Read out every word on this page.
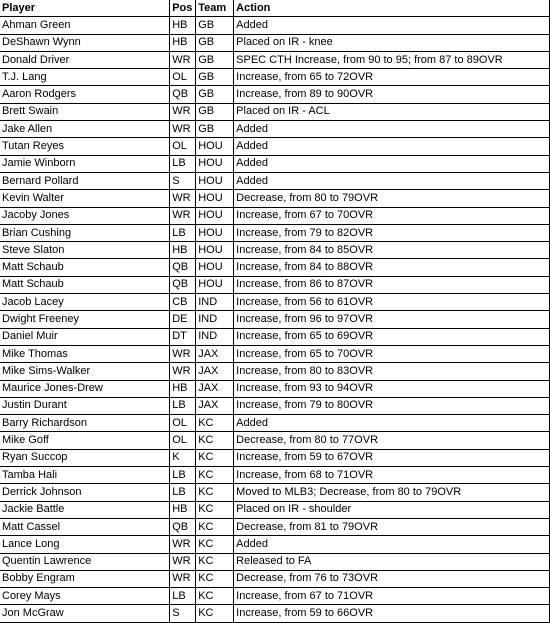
Player	Pos	Team	Action
Ahman Green	HB	GB	Added
DeShawn Wynn	HB	GB	Placed on IR - knee
Donald Driver	WR	GB	SPEC CTH Increase, from 90 to 95; from 87 to 89OVR
T.J. Lang	OL	GB	Increase, from 65 to 72OVR
Aaron Rodgers	QB	GB	Increase, from 89 to 90OVR
Brett Swain	WR	GB	Placed on IR - ACL
Jake Allen	WR	GB	Added
Tutan Reyes	OL	HOU	Added
Jamie Winborn	LB	HOU	Added
Bernard Pollard	S	HOU	Added
Kevin Walter	WR	HOU	Decrease, from 80 to 79OVR
Jacoby Jones	WR	HOU	Increase, from 67 to 70OVR
Brian Cushing	LB	HOU	Increase, from 79 to 82OVR
Steve Slaton	HB	HOU	Increase, from 84 to 85OVR
Matt Schaub	QB	HOU	Increase, from 84 to 88OVR
Matt Schaub	QB	HOU	Increase, from 86 to 87OVR
Jacob Lacey	CB	IND	Increase, from 56 to 61OVR
Dwight Freeney	DE	IND	Increase, from 96 to 97OVR
Daniel Muir	DT	IND	Increase, from 65 to 69OVR
Mike Thomas	WR	JAX	Increase, from 65 to 70OVR
Mike Sims-Walker	WR	JAX	Increase, from 80 to 83OVR
Maurice Jones-Drew	HB	JAX	Increase, from 93 to 94OVR
Justin Durant	LB	JAX	Increase, from 79 to 80OVR
Barry Richardson	OL	KC	Added
Mike Goff	OL	KC	Decrease, from 80 to 77OVR
Ryan Succop	K	KC	Increase, from 59 to 67OVR
Tamba Hali	LB	KC	Increase, from 68 to 71OVR
Derrick Johnson	LB	KC	Moved to MLB3; Decrease, from 80 to 79OVR
Jackie Battle	HB	KC	Placed on IR - shoulder
Matt Cassel	QB	KC	Decrease, from 81 to 79OVR
Lance Long	WR	KC	Added
Quentin Lawrence	WR	KC	Released to FA
Bobby Engram	WR	KC	Decrease, from 76 to 73OVR
Corey Mays	LB	KC	Increase, from 67 to 71OVR
Jon McGraw	S	KC	Increase, from 59 to 66OVR
